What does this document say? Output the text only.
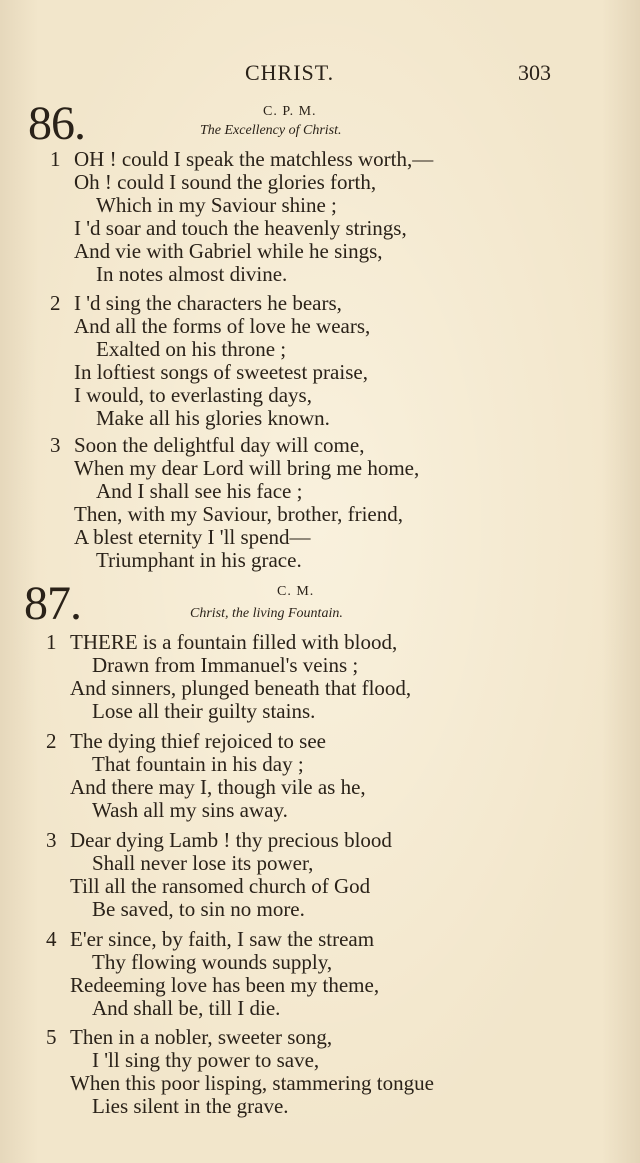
CHRIST.	303
86 .	C. P. M.
The Excellency of Christ.
1 OH ! could I speak the matchless worth,—
Oh ! could I sound the glories forth,
Which in my Saviour shine ;
I 'd soar and touch the heavenly strings,
And vie with Gabriel while he sings,
In notes almost divine.
2 I 'd sing the characters he bears,
And all the forms of love he wears,
Exalted on his throne ;
In loftiest songs of sweetest praise,
I would, to everlasting days,
Make all his glories known.
3 Soon the delightful day will come,
When my dear Lord will bring me home,
And I shall see his face ;
Then, with my Saviour, brother, friend,
A blest eternity I 'll spend—
Triumphant in his grace.
87 .	C. M.
Christ, the living Fountain.
1 THERE is a fountain filled with blood,
Drawn from Immanuel's veins ;
And sinners, plunged beneath that flood,
Lose all their guilty stains.
2 The dying thief rejoiced to see
That fountain in his day ;
And there may I, though vile as he,
Wash all my sins away.
3 Dear dying Lamb ! thy precious blood
Shall never lose its power,
Till all the ransomed church of God
Be saved, to sin no more.
4 E'er since, by faith, I saw the stream
Thy flowing wounds supply,
Redeeming love has been my theme,
And shall be, till I die.
5 Then in a nobler, sweeter song,
I 'll sing thy power to save,
When this poor lisping, stammering tongue
Lies silent in the grave.
